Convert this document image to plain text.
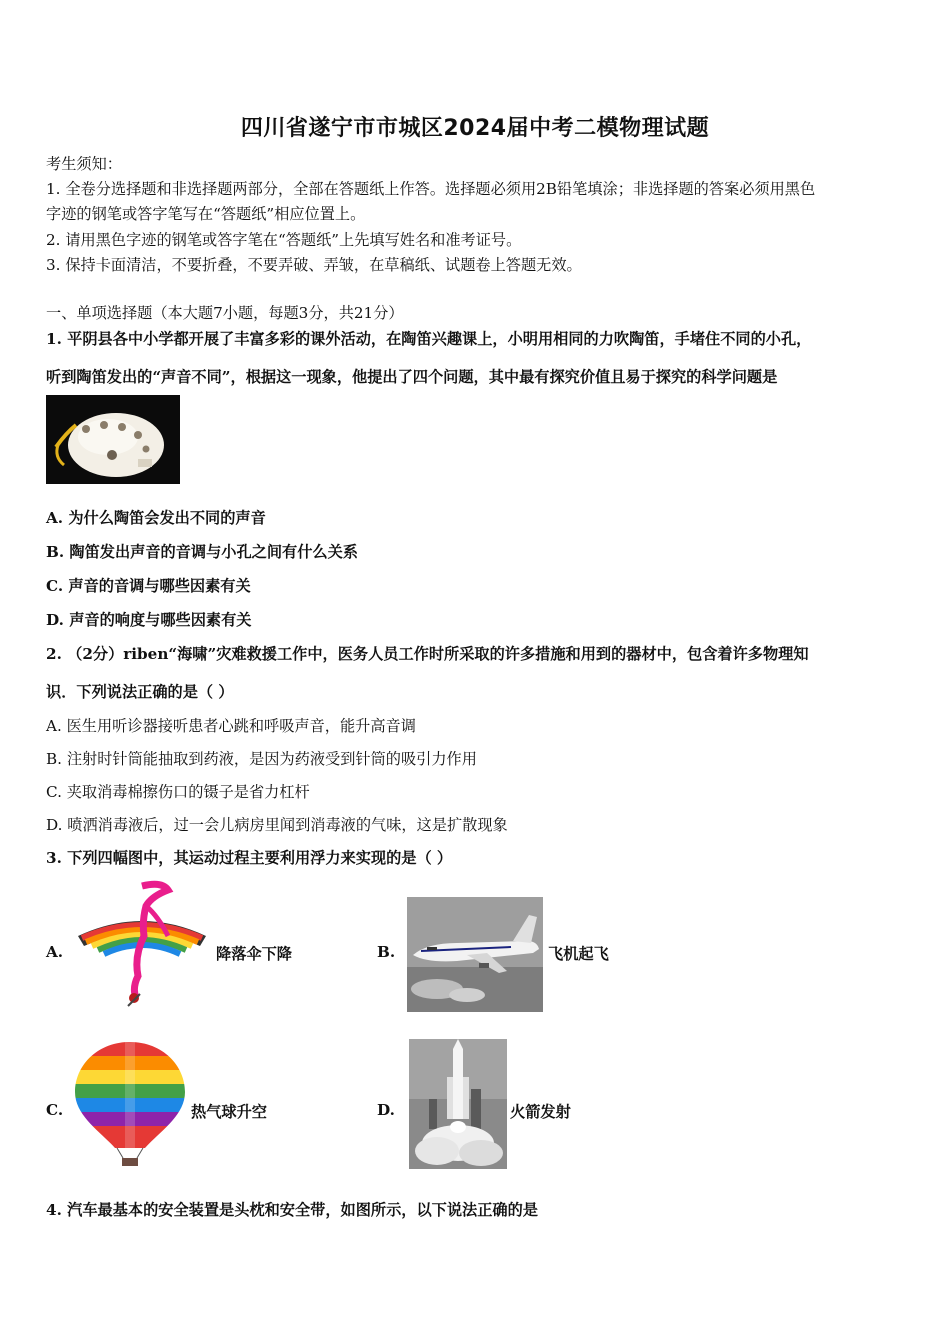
四川省遂宁市市城区2024届中考二模物理试题
考生须知：
1. 全卷分选择题和非选择题两部分，全部在答题纸上作答。选择题必须用2B铅笔填涂；非选择题的答案必须用黑色
字迹的钢笔或答字笔写在“答题纸”相应位置上。
2. 请用黑色字迹的钢笔或答字笔在“答题纸”上先填写姓名和准考证号。
3. 保持卡面清洁，不要折叠，不要弄破、弄皱，在草稿纸、试题卷上答题无效。
一、单项选择题（本大题7小题，每题3分，共21分）
1. 平阴县各中小学都开展了丰富多彩的课外活动，在陶笛兴趣课上，小明用相同的力吹陶笛，手堵住不同的小孔，
听到陶笛发出的“声音不同”，根据这一现象，他提出了四个问题，其中最有探究价值且易于探究的科学问题是
A. 为什么陶笛会发出不同的声音
B. 陶笛发出声音的音调与小孔之间有什么关系
C. 声音的音调与哪些因素有关
D. 声音的响度与哪些因素有关
2. （2分）riben“海啸”灾难救援工作中，医务人员工作时所采取的许多措施和用到的器材中，包含着许多物理知
识．下列说法正确的是（ ）
A. 医生用听诊器接听患者心跳和呼吸声音，能升高音调
B. 注射时针筒能抽取到药液，是因为药液受到针筒的吸引力作用
C. 夹取消毒棉擦伤口的镊子是省力杠杆
D. 喷洒消毒液后，过一会儿病房里闻到消毒液的气味，这是扩散现象
3. 下列四幅图中，其运动过程主要利用浮力来实现的是（ ）
A.	降落伞下降	B.	飞机起飞
C.	热气球升空	D.	火箭发射
4. 汽车最基本的安全装置是头枕和安全带，如图所示，以下说法正确的是
